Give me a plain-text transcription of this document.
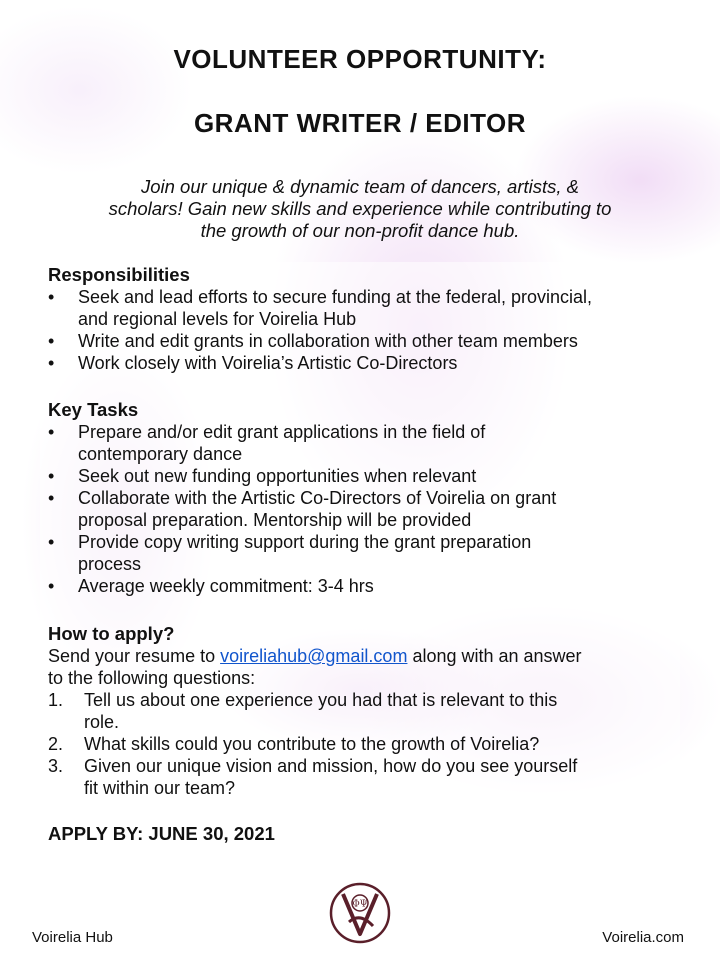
VOLUNTEER OPPORTUNITY:
GRANT WRITER / EDITOR
Join our unique & dynamic team of dancers, artists, &
scholars! Gain new skills and experience while contributing to
the growth of our non-profit dance hub.
Responsibilities
• Seek and lead efforts to secure funding at the federal, provincial,
and regional levels for Voirelia Hub
• Write and edit grants in collaboration with other team members
• Work closely with Voirelia’s Artistic Co-Directors
Key Tasks
• Prepare and/or edit grant applications in the field of
contemporary dance
• Seek out new funding opportunities when relevant
• Collaborate with the Artistic Co-Directors of Voirelia on grant
proposal preparation. Mentorship will be provided
• Provide copy writing support during the grant preparation
process
• Average weekly commitment: 3-4 hrs
How to apply?
Send your resume to voireliahub@gmail.com along with an answer
to the following questions:
1. Tell us about one experience you had that is relevant to this
role.
2. What skills could you contribute to the growth of Voirelia?
3. Given our unique vision and mission, how do you see yourself
fit within our team?
APPLY BY: JUNE 30, 2021
ΦΨ
Voirelia Hub	Voirelia.com
